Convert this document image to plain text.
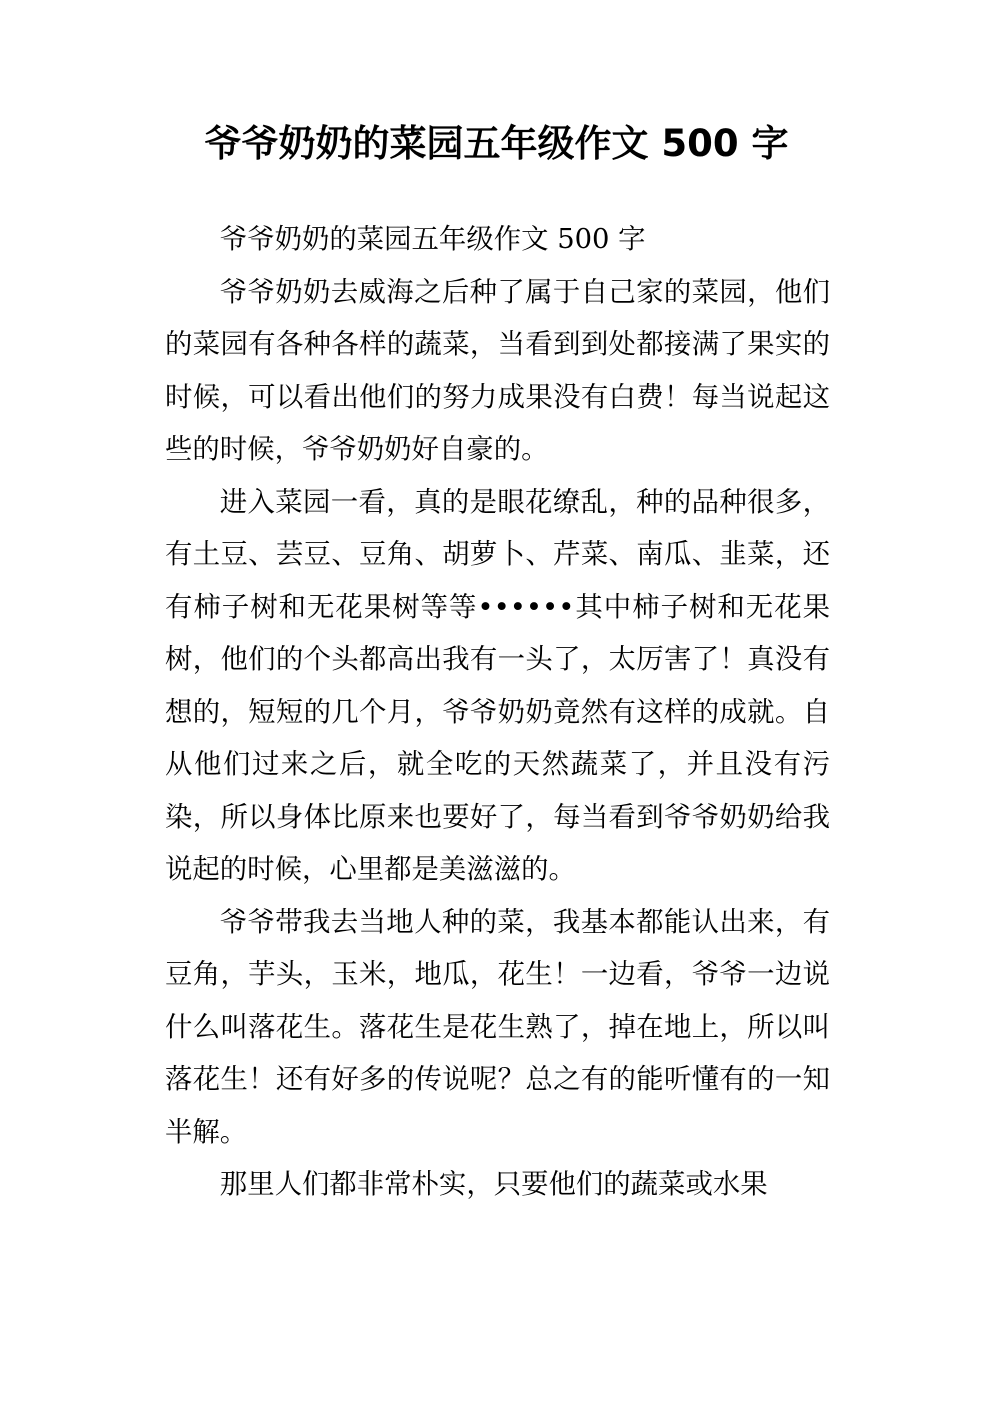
爷爷奶奶的菜园五年级作文 500 字

爷爷奶奶的菜园五年级作文 500 字

爷爷奶奶去威海之后种了属于自己家的菜园，他们的菜园有各种各样的蔬菜，当看到到处都接满了果实的时候，可以看出他们的努力成果没有白费！每当说起这些的时候，爷爷奶奶好自豪的。

进入菜园一看，真的是眼花缭乱，种的品种很多，有土豆、芸豆、豆角、胡萝卜、芹菜、南瓜、韭菜，还有柿子树和无花果树等等••••••其中柿子树和无花果树，他们的个头都高出我有一头了，太厉害了！真没有想的，短短的几个月，爷爷奶奶竟然有这样的成就。自从他们过来之后，就全吃的天然蔬菜了，并且没有污染，所以身体比原来也要好了，每当看到爷爷奶奶给我说起的时候，心里都是美滋滋的。

爷爷带我去当地人种的菜，我基本都能认出来，有豆角，芋头，玉米，地瓜，花生！一边看，爷爷一边说什么叫落花生。落花生是花生熟了，掉在地上，所以叫落花生！还有好多的传说呢？总之有的能听懂有的一知半解。

那里人们都非常朴实，只要他们的蔬菜或水果
